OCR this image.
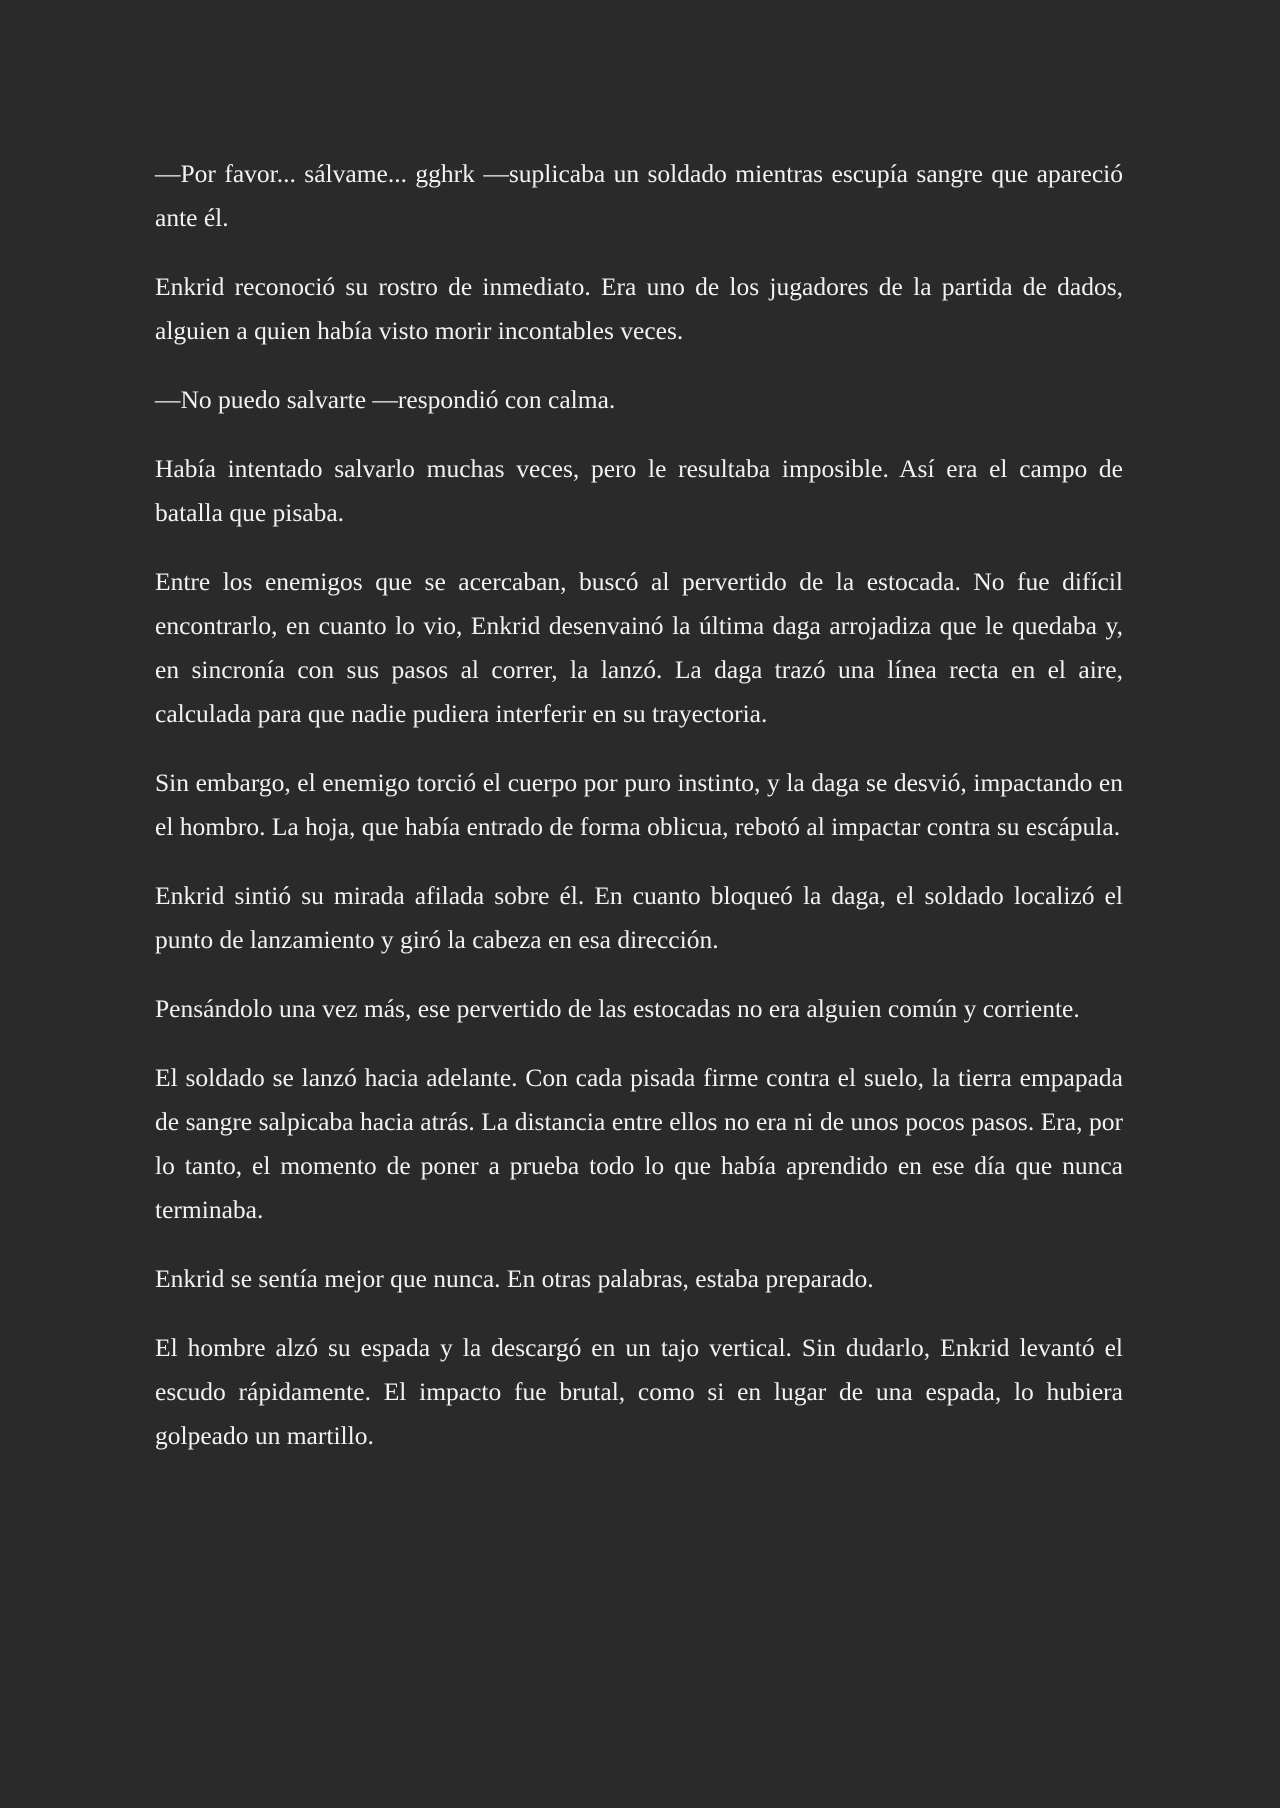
—Por favor... sálvame... gghrk —suplicaba un soldado mientras escupía sangre que apareció ante él.

Enkrid reconoció su rostro de inmediato. Era uno de los jugadores de la partida de dados, alguien a quien había visto morir incontables veces.

—No puedo salvarte —respondió con calma.

Había intentado salvarlo muchas veces, pero le resultaba imposible. Así era el campo de batalla que pisaba.

Entre los enemigos que se acercaban, buscó al pervertido de la estocada. No fue difícil encontrarlo, en cuanto lo vio, Enkrid desenvainó la última daga arrojadiza que le quedaba y, en sincronía con sus pasos al correr, la lanzó. La daga trazó una línea recta en el aire, calculada para que nadie pudiera interferir en su trayectoria.

Sin embargo, el enemigo torció el cuerpo por puro instinto, y la daga se desvió, impactando en el hombro. La hoja, que había entrado de forma oblicua, rebotó al impactar contra su escápula.

Enkrid sintió su mirada afilada sobre él. En cuanto bloqueó la daga, el soldado localizó el punto de lanzamiento y giró la cabeza en esa dirección.

Pensándolo una vez más, ese pervertido de las estocadas no era alguien común y corriente.

El soldado se lanzó hacia adelante. Con cada pisada firme contra el suelo, la tierra empapada de sangre salpicaba hacia atrás. La distancia entre ellos no era ni de unos pocos pasos. Era, por lo tanto, el momento de poner a prueba todo lo que había aprendido en ese día que nunca terminaba.

Enkrid se sentía mejor que nunca. En otras palabras, estaba preparado.

El hombre alzó su espada y la descargó en un tajo vertical. Sin dudarlo, Enkrid levantó el escudo rápidamente. El impacto fue brutal, como si en lugar de una espada, lo hubiera golpeado un martillo.
